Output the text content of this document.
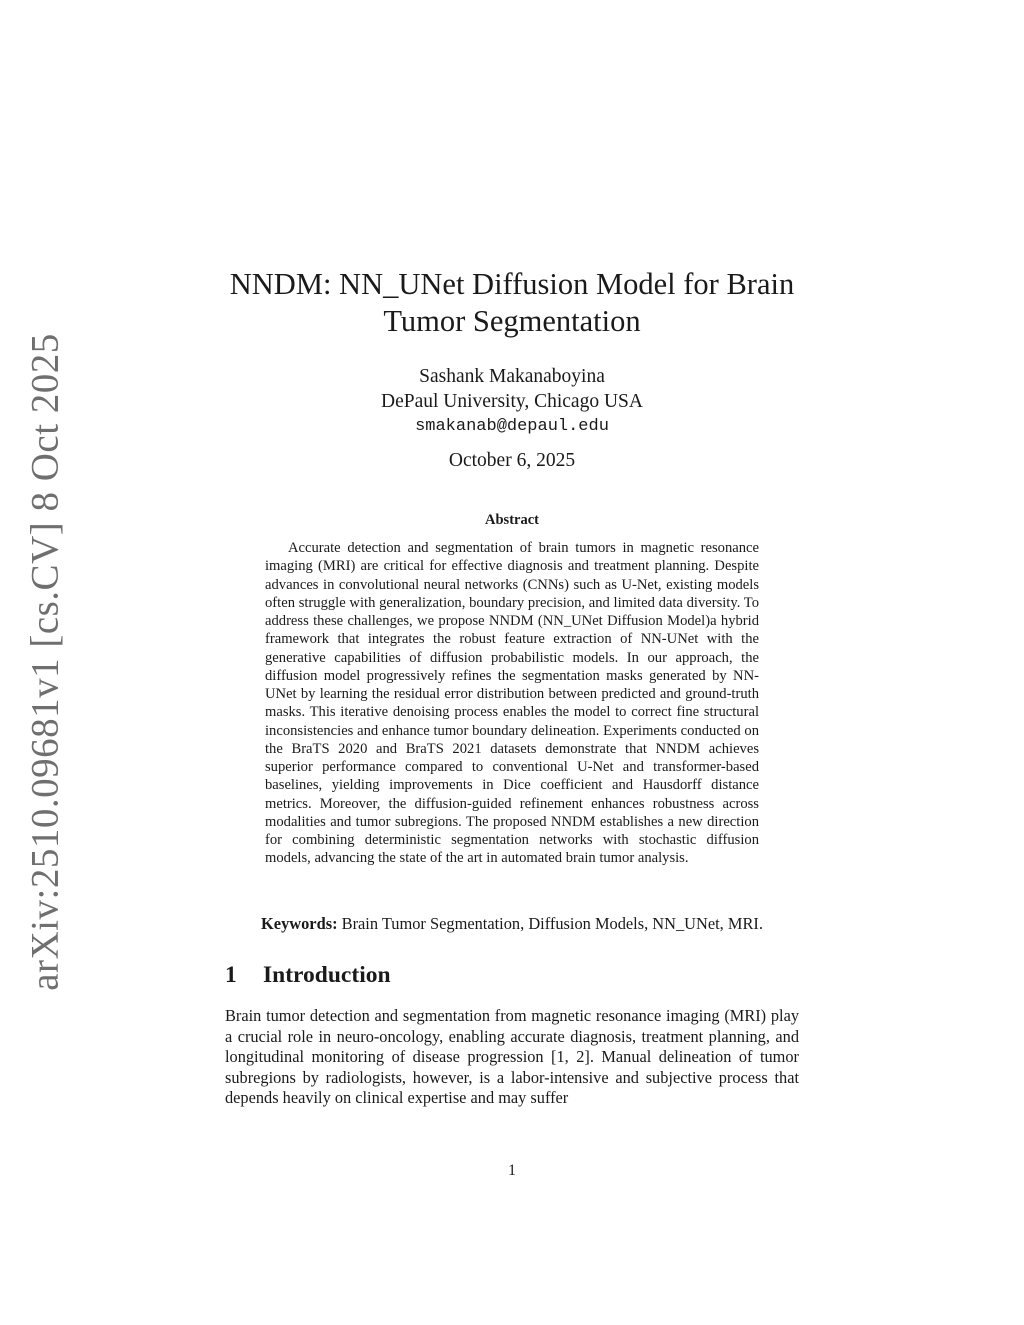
arXiv:2510.09681v1 [cs.CV] 8 Oct 2025
NNDM: NN_UNet Diffusion Model for Brain
Tumor Segmentation
Sashank Makanaboyina
DePaul University, Chicago USA
smakanab@depaul.edu
October 6, 2025
Abstract

Accurate detection and segmentation of brain tumors in magnetic resonance imaging (MRI) are critical for effective diagnosis and treatment planning. Despite advances in convolutional neural networks (CNNs) such as U-Net, existing models often struggle with generalization, boundary precision, and limited data diversity. To address these challenges, we propose NNDM (NN_UNet Diffusion Model)a hybrid framework that integrates the robust feature extraction of NN-UNet with the generative capabilities of diffusion probabilistic models. In our approach, the diffusion model progressively refines the segmentation masks generated by NN-UNet by learning the residual error distribution between predicted and ground-truth masks. This iterative denoising process enables the model to correct fine structural inconsistencies and enhance tumor boundary delineation. Experiments conducted on the BraTS 2020 and BraTS 2021 datasets demonstrate that NNDM achieves superior performance compared to conventional U-Net and transformer-based baselines, yielding improvements in Dice coefficient and Hausdorff distance metrics. Moreover, the diffusion-guided refinement enhances robustness across modalities and tumor subregions. The proposed NNDM establishes a new direction for combining deterministic segmentation networks with stochastic diffusion models, advancing the state of the art in automated brain tumor analysis.

Keywords: Brain Tumor Segmentation, Diffusion Models, NN_UNet, MRI.
1 Introduction

Brain tumor detection and segmentation from magnetic resonance imaging (MRI) play a crucial role in neuro-oncology, enabling accurate diagnosis, treatment planning, and longitudinal monitoring of disease progression [1, 2]. Manual delineation of tumor subregions by radiologists, however, is a labor-intensive and subjective process that depends heavily on clinical expertise and may suffer

1
